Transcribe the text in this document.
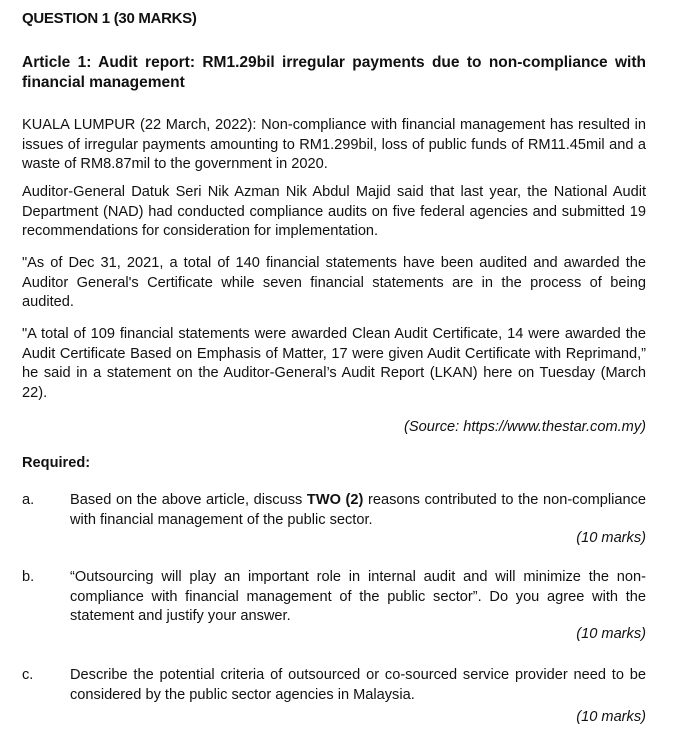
QUESTION 1 (30 MARKS)
Article 1: Audit report: RM1.29bil irregular payments due to non-compliance with financial management
KUALA LUMPUR (22 March, 2022): Non-compliance with financial management has resulted in issues of irregular payments amounting to RM1.299bil, loss of public funds of RM11.45mil and a waste of RM8.87mil to the government in 2020.
Auditor-General Datuk Seri Nik Azman Nik Abdul Majid said that last year, the National Audit Department (NAD) had conducted compliance audits on five federal agencies and submitted 19 recommendations for consideration for implementation.
"As of Dec 31, 2021, a total of 140 financial statements have been audited and awarded the Auditor General's Certificate while seven financial statements are in the process of being audited.
"A total of 109 financial statements were awarded Clean Audit Certificate, 14 were awarded the Audit Certificate Based on Emphasis of Matter, 17 were given Audit Certificate with Reprimand,” he said in a statement on the Auditor-General’s Audit Report (LKAN) here on Tuesday (March 22).
(Source: https://www.thestar.com.my)
Required:
a. Based on the above article, discuss TWO (2) reasons contributed to the non-compliance with financial management of the public sector.
(10 marks)
b. “Outsourcing will play an important role in internal audit and will minimize the non-compliance with financial management of the public sector”. Do you agree with the statement and justify your answer.
(10 marks)
c.	Describe the potential criteria of outsourced or co-sourced service provider need to be considered by the public sector agencies in Malaysia.
(10 marks)
